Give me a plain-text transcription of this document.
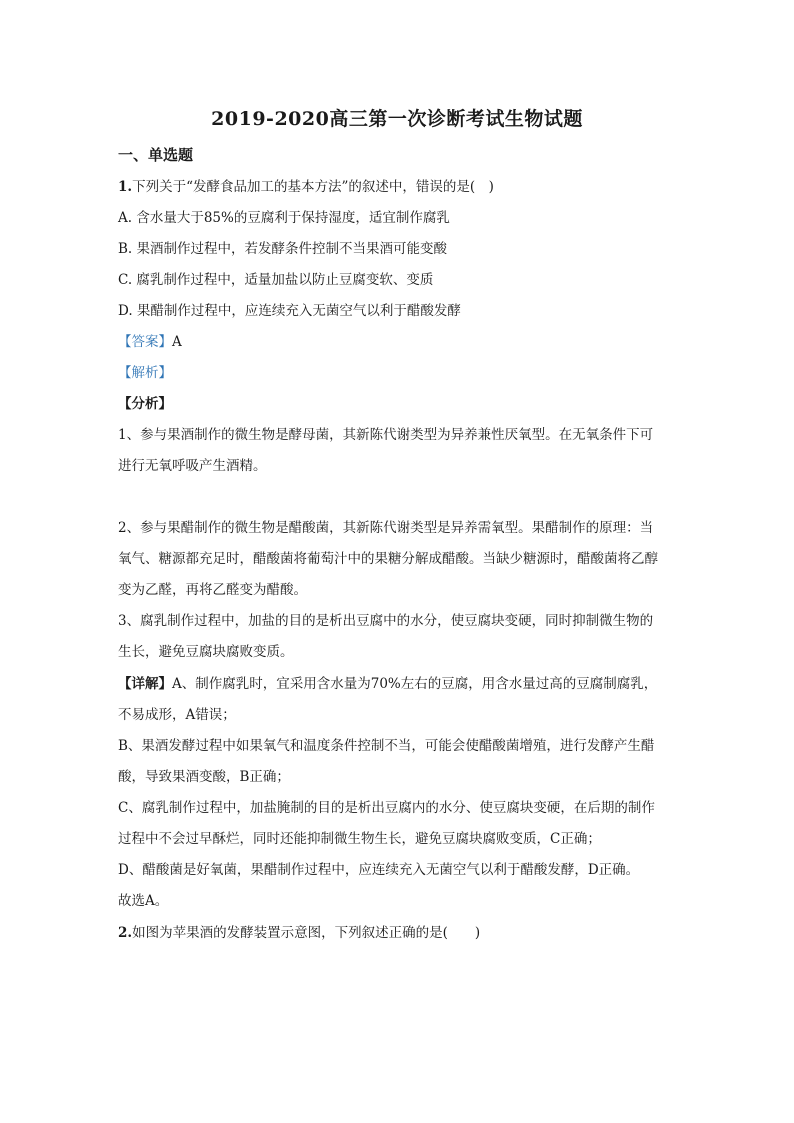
2019-2020高三第一次诊断考试生物试题
一、单选题
1.下列关于“发酵食品加工的基本方法”的叙述中，错误的是(　)
A. 含水量大于85%的豆腐利于保持湿度，适宜制作腐乳
B. 果酒制作过程中，若发酵条件控制不当果酒可能变酸
C. 腐乳制作过程中，适量加盐以防止豆腐变软、变质
D. 果醋制作过程中，应连续充入无菌空气以利于醋酸发酵
【答案】A
【解析】
【分析】
1、参与果酒制作的微生物是酵母菌，其新陈代谢类型为异养兼性厌氧型。在无氧条件下可
进行无氧呼吸产生酒精。
2、参与果醋制作的微生物是醋酸菌，其新陈代谢类型是异养需氧型。果醋制作的原理：当
氧气、糖源都充足时，醋酸菌将葡萄汁中的果糖分解成醋酸。当缺少糖源时，醋酸菌将乙醇
变为乙醛，再将乙醛变为醋酸。
3、腐乳制作过程中，加盐的目的是析出豆腐中的水分，使豆腐块变硬，同时抑制微生物的
生长，避免豆腐块腐败变质。
【详解】A、制作腐乳时，宜采用含水量为70%左右的豆腐，用含水量过高的豆腐制腐乳，
不易成形，A错误；
B、果酒发酵过程中如果氧气和温度条件控制不当，可能会使醋酸菌增殖，进行发酵产生醋
酸，导致果酒变酸，B正确；
C、腐乳制作过程中，加盐腌制的目的是析出豆腐内的水分、使豆腐块变硬，在后期的制作
过程中不会过早酥烂，同时还能抑制微生物生长，避免豆腐块腐败变质，C正确；
D、醋酸菌是好氧菌，果醋制作过程中，应连续充入无菌空气以利于醋酸发酵，D正确。
故选A。
2.如图为苹果酒的发酵装置示意图，下列叙述正确的是(　　)
